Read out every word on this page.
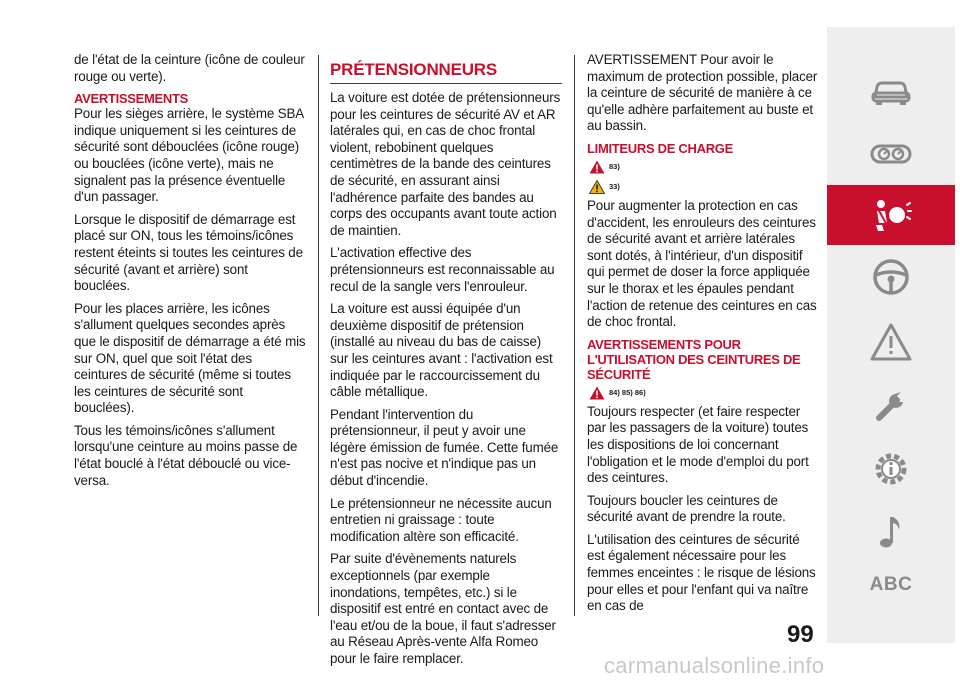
de l'état de la ceinture (icône de couleur rouge ou verte).

AVERTISSEMENTS

Pour les sièges arrière, le système SBA indique uniquement si les ceintures de sécurité sont débouclées (icône rouge) ou bouclées (icône verte), mais ne signalent pas la présence éventuelle d'un passager.

Lorsque le dispositif de démarrage est placé sur ON, tous les témoins/icônes restent éteints si toutes les ceintures de sécurité (avant et arrière) sont bouclées.

Pour les places arrière, les icônes s'allument quelques secondes après que le dispositif de démarrage a été mis sur ON, quel que soit l'état des ceintures de sécurité (même si toutes les ceintures de sécurité sont bouclées).

Tous les témoins/icônes s'allument lorsqu'une ceinture au moins passe de l'état bouclé à l'état débouclé ou vice-versa.

PRÉTENSIONNEURS

La voiture est dotée de prétensionneurs pour les ceintures de sécurité AV et AR latérales qui, en cas de choc frontal violent, rebobinent quelques centimètres de la bande des ceintures de sécurité, en assurant ainsi l'adhérence parfaite des bandes au corps des occupants avant toute action de maintien.

L'activation effective des prétensionneurs est reconnaissable au recul de la sangle vers l'enrouleur.

La voiture est aussi équipée d'un deuxième dispositif de prétension (installé au niveau du bas de caisse) sur les ceintures avant : l'activation est indiquée par le raccourcissement du câble métallique.

Pendant l'intervention du prétensionneur, il peut y avoir une légère émission de fumée. Cette fumée n'est pas nocive et n'indique pas un début d'incendie.

Le prétensionneur ne nécessite aucun entretien ni graissage : toute modification altère son efficacité.

Par suite d'évènements naturels exceptionnels (par exemple inondations, tempêtes, etc.) si le dispositif est entré en contact avec de l'eau et/ou de la boue, il faut s'adresser au Réseau Après-vente Alfa Romeo pour le faire remplacer.

AVERTISSEMENT Pour avoir le maximum de protection possible, placer la ceinture de sécurité de manière à ce qu'elle adhère parfaitement au buste et au bassin.

LIMITEURS DE CHARGE
83)
33)

Pour augmenter la protection en cas d'accident, les enrouleurs des ceintures de sécurité avant et arrière latérales sont dotés, à l'intérieur, d'un dispositif qui permet de doser la force appliquée sur le thorax et les épaules pendant l'action de retenue des ceintures en cas de choc frontal.

AVERTISSEMENTS POUR L'UTILISATION DES CEINTURES DE SÉCURITÉ
84) 85) 86)

Toujours respecter (et faire respecter par les passagers de la voiture) toutes les dispositions de loi concernant l'obligation et le mode d'emploi du port des ceintures.

Toujours boucler les ceintures de sécurité avant de prendre la route.

L'utilisation des ceintures de sécurité est également nécessaire pour les femmes enceintes : le risque de lésions pour elles et pour l'enfant qui va naître en cas de

ABC
99
carmanualsonline.info
